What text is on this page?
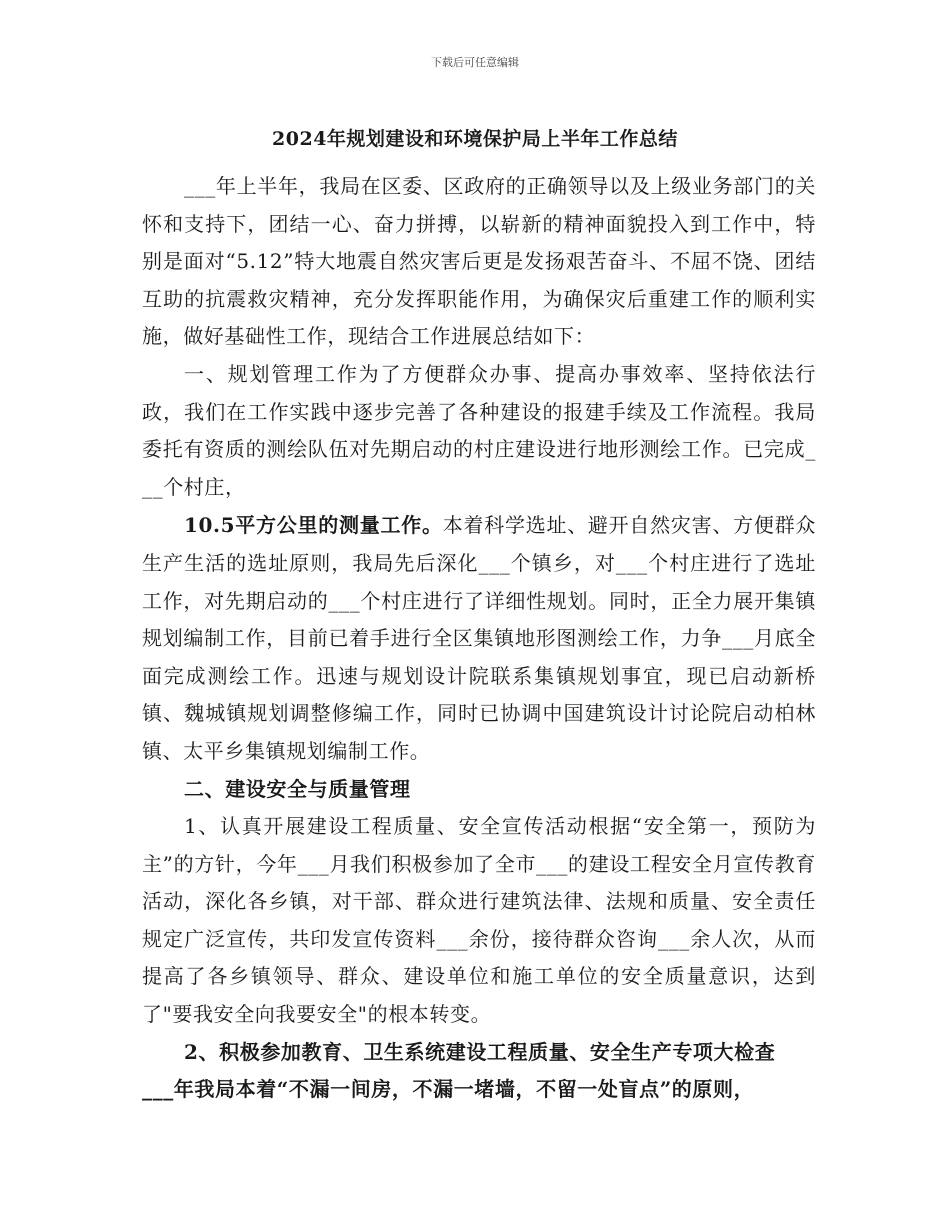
下载后可任意编辑
2024年规划建设和环境保护局上半年工作总结

___年上半年，我局在区委、区政府的正确领导以及上级业务部门的关怀和支持下，团结一心、奋力拼搏，以崭新的精神面貌投入到工作中，特别是面对“5.12”特大地震自然灾害后更是发扬艰苦奋斗、不屈不饶、团结互助的抗震救灾精神，充分发挥职能作用，为确保灾后重建工作的顺利实施，做好基础性工作，现结合工作进展总结如下：

一、规划管理工作为了方便群众办事、提高办事效率、坚持依法行政，我们在工作实践中逐步完善了各种建设的报建手续及工作流程。我局委托有资质的测绘队伍对先期启动的村庄建设进行地形测绘工作。已完成___个村庄，

10.5平方公里的测量工作。本着科学选址、避开自然灾害、方便群众生产生活的选址原则，我局先后深化___个镇乡，对___个村庄进行了选址工作，对先期启动的___个村庄进行了详细性规划。同时，正全力展开集镇规划编制工作，目前已着手进行全区集镇地形图测绘工作，力争___月底全面完成测绘工作。迅速与规划设计院联系集镇规划事宜，现已启动新桥镇、魏城镇规划调整修编工作，同时已协调中国建筑设计讨论院启动柏林镇、太平乡集镇规划编制工作。

二、建设安全与质量管理

1、认真开展建设工程质量、安全宣传活动根据“安全第一，预防为主”的方针，今年___月我们积极参加了全市___的建设工程安全月宣传教育活动，深化各乡镇，对干部、群众进行建筑法律、法规和质量、安全责任规定广泛宣传，共印发宣传资料___余份，接待群众咨询___余人次，从而提高了各乡镇领导、群众、建设单位和施工单位的安全质量意识，达到了"要我安全向我要安全"的根本转变。

2、积极参加教育、卫生系统建设工程质量、安全生产专项大检查

___年我局本着“不漏一间房，不漏一堵墙，不留一处盲点”的原则，
